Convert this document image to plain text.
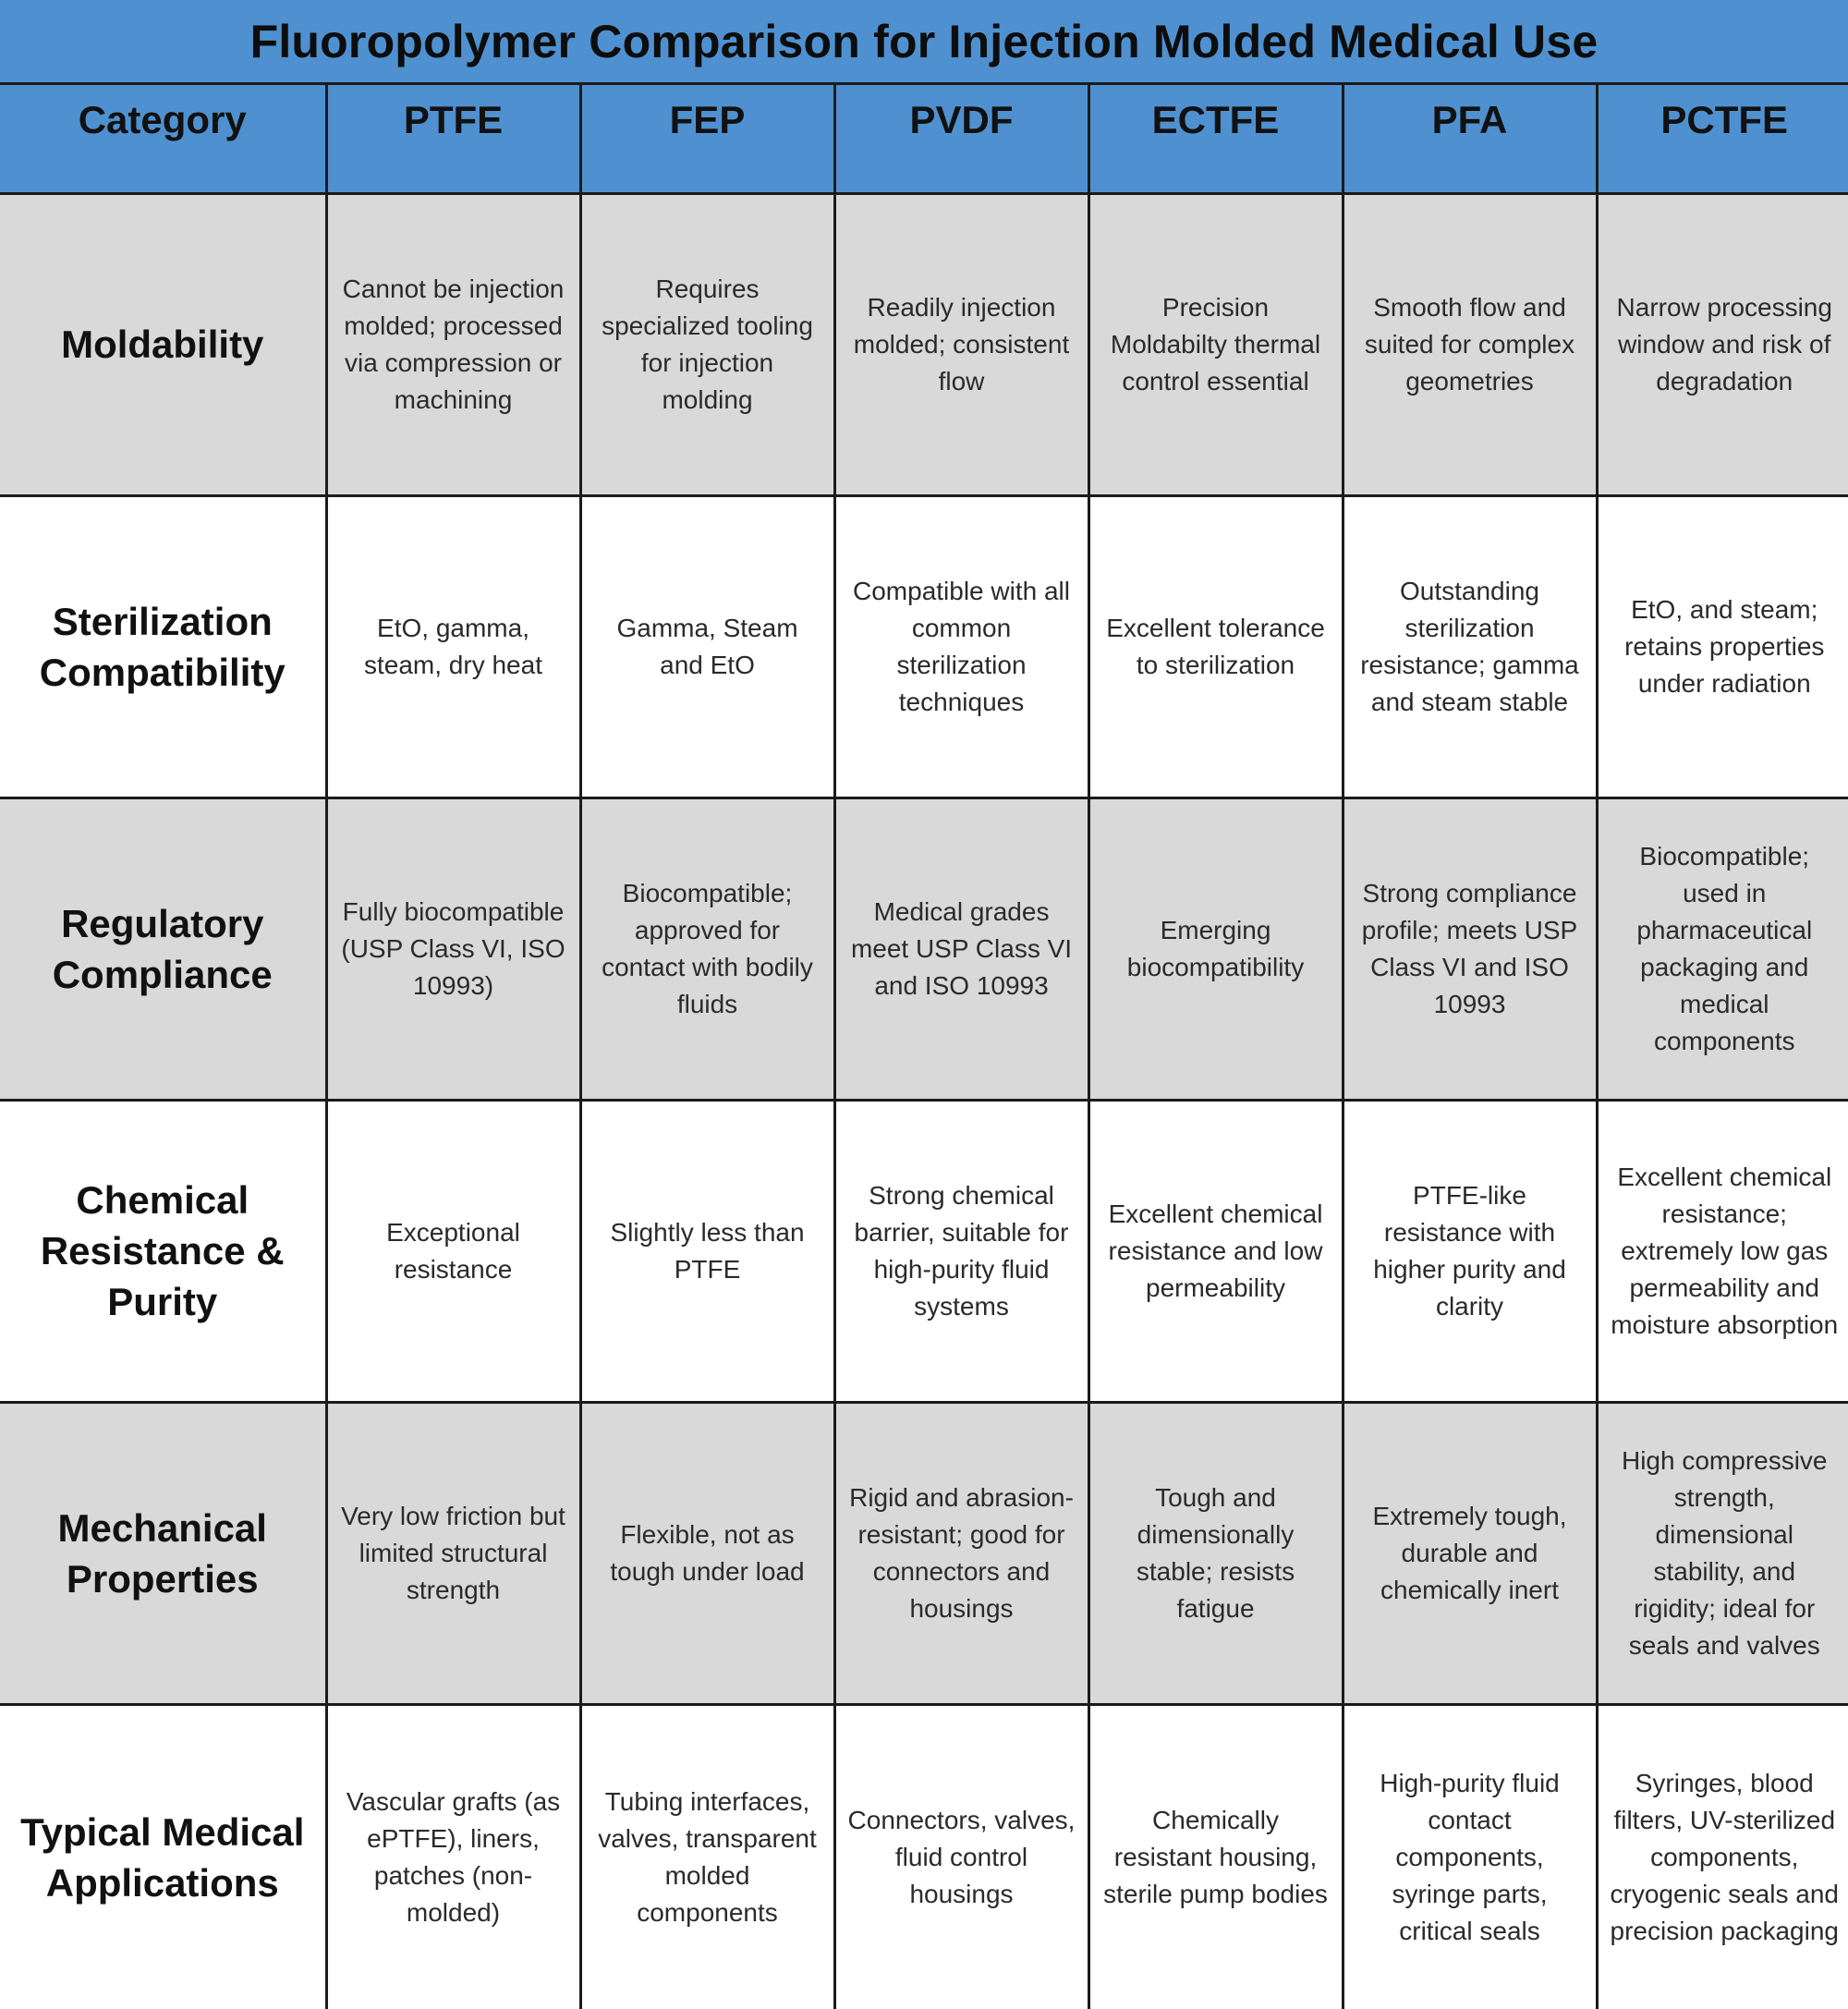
Fluoropolymer Comparison for Injection Molded Medical Use
Category	PTFE	FEP	PVDF	ECTFE	PFA	PCTFE
Moldability	Cannot be injection molded; processed via compression or machining	Requires specialized tooling for injection molding	Readily injection molded; consistent flow	Precision Moldabilty thermal control essential	Smooth flow and suited for complex geometries	Narrow processing window and risk of degradation
Sterilization Compatibility	EtO, gamma, steam, dry heat	Gamma, Steam and EtO	Compatible with all common sterilization techniques	Excellent tolerance to sterilization	Outstanding sterilization resistance; gamma and steam stable	EtO, and steam; retains properties under radiation
Regulatory Compliance	Fully biocompatible (USP Class VI, ISO 10993)	Biocompatible; approved for contact with bodily fluids	Medical grades meet USP Class VI and ISO 10993	Emerging biocompatibility	Strong compliance profile; meets USP Class VI and ISO 10993	Biocompatible; used in pharmaceutical packaging and medical components
Chemical Resistance & Purity	Exceptional resistance	Slightly less than PTFE	Strong chemical barrier, suitable for high-purity fluid systems	Excellent chemical resistance and low permeability	PTFE-like resistance with higher purity and clarity	Excellent chemical resistance; extremely low gas permeability and moisture absorption
Mechanical Properties	Very low friction but limited structural strength	Flexible, not as tough under load	Rigid and abrasion-resistant; good for connectors and housings	Tough and dimensionally stable; resists fatigue	Extremely tough, durable and chemically inert	High compressive strength, dimensional stability, and rigidity; ideal for seals and valves
Typical Medical Applications	Vascular grafts (as ePTFE), liners, patches (non-molded)	Tubing interfaces, valves, transparent molded components	Connectors, valves, fluid control housings	Chemically resistant housing, sterile pump bodies	High-purity fluid contact components, syringe parts, critical seals	Syringes, blood filters, UV-sterilized components, cryogenic seals and precision packaging
